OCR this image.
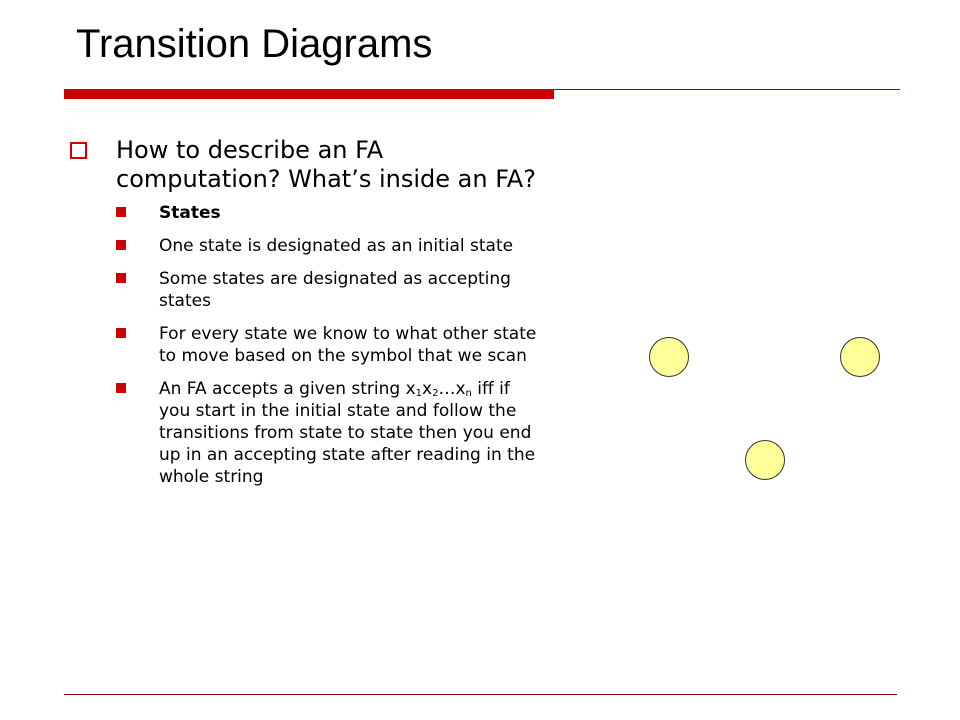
Transition Diagrams
How to describe an FA computation? What’s inside an FA?
States
One state is designated as an initial state
Some states are designated as accepting states
For every state we know to what other state to move based on the symbol that we scan
An FA accepts a given string $x_1x_2\dots x_n$ iff if you start in the initial state and follow the transitions from state to state then you end up in an accepting state after reading in the whole string
